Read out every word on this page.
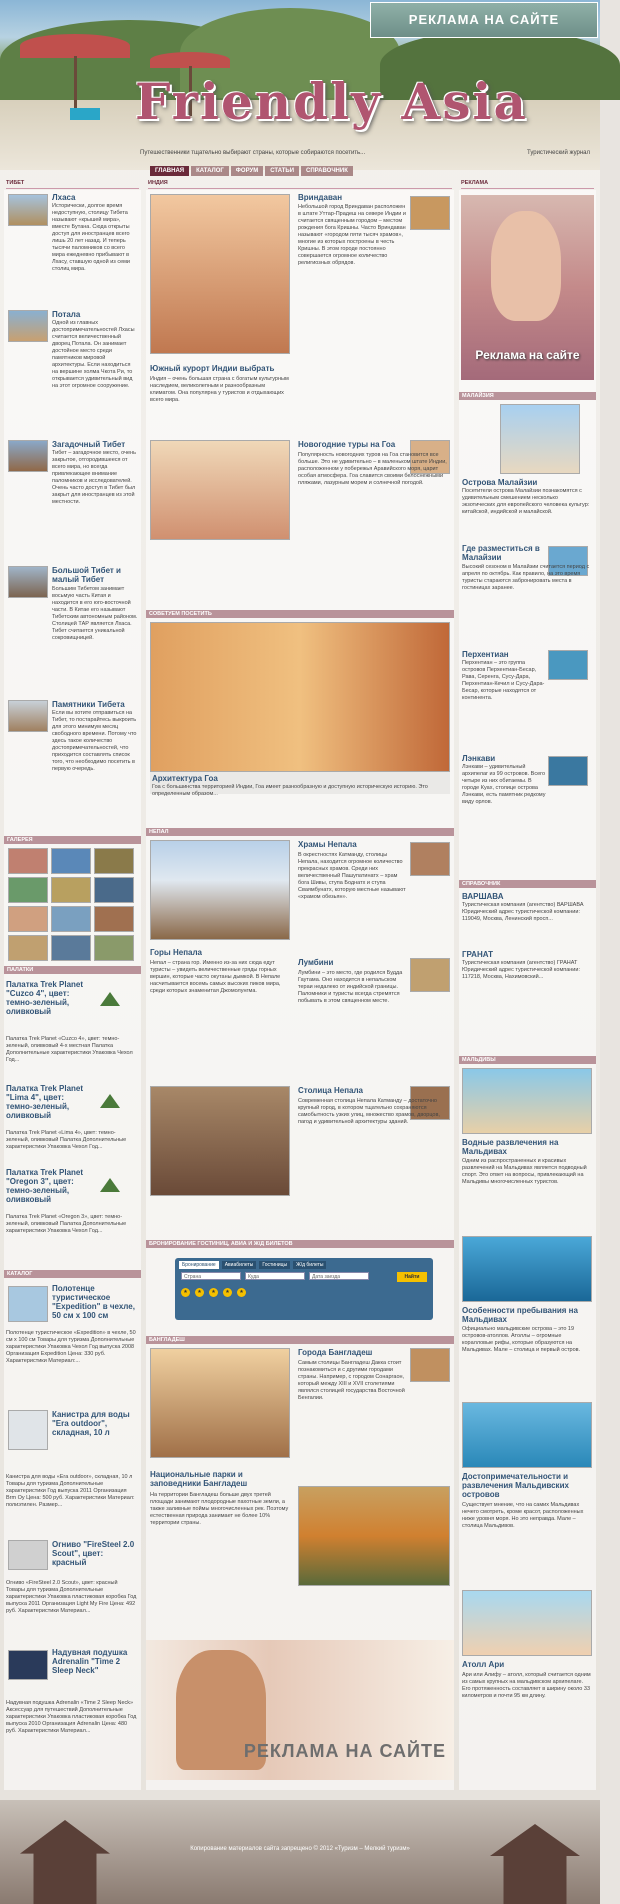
РЕКЛАМА НА САЙТЕ
Friendly Asia
Путешественники тщательно выбирают страны, которые собираются посетить...	Туристический журнал
ГЛАВНАЯ	КАТАЛОГ	ФОРУМ	СТАТЬИ	СПРАВОЧНИК
ТИБЕТ	ИНДИЯ	РЕКЛАМА
Лхаса
Исторически, долгое время недоступную, столицу Тибета называют «крышей мира», вместе Бутана. Сюда открыты доступ для иностранцев всего лишь 20 лет назад. И теперь тысячи паломников со всего мира ежедневно прибывают в Лхасу, ставшую одной из семи столиц мира.
Потала
Одной из главных достопримечательностей Лхасы считается величественный дворец Потала. Он занимает достойное место среди памятников мировой архитектуры. Если находиться на вершине холма Чкота Ри, то открывается удивительный вид на этот огромное сооружение.
Загадочный Тибет
Тибет – загадочное место, очень закрытое, отгородившееся от всего мира, но всегда привлекающее внимание паломников и исследователей. Очень часто доступ в Тибет был закрыт для иностранцев из этой местности.
Большой Тибет и малый Тибет
Большим Тибетом занимает восьмую часть Китая и находится в его юго-восточной части. В Китае его называют Тибетским автономным районом. Столицей ТАР является Лхаса. Тибет считается уникальной сокровищницей.
Памятники Тибета
Если вы хотите отправиться на Тибет, то постарайтесь выкроить для этого минимум месяц свободного времени. Потому что здесь такое количество достопримечательностей, что приходится составлять список того, что необходимо посетить в первую очередь.
ГАЛЕРЕЯ
ПАЛАТКИ
Палатка Trek Planet "Cuzco 4", цвет: темно-зеленый, оливковый
Палатка Trek Planet «Cuzco 4», цвет: темно-зеленый, оливковый 4-х местная Палатка Дополнительные характеристики Упаковка Чехол Год...
Палатка Trek Planet "Lima 4", цвет: темно-зеленый, оливковый
Палатка Trek Planet «Lima 4», цвет: темно-зеленый, оливковый Палатка Дополнительные характеристики Упаковка Чехол Год...
Палатка Trek Planet "Oregon 3", цвет: темно-зеленый, оливковый
Палатка Trek Planet «Oregon 3», цвет: темно-зеленый, оливковый Палатка Дополнительные характеристики Упаковка Чехол Год...
КАТАЛОГ
Полотенце туристическое "Expedition" в чехле, 50 см x 100 см
Полотенце туристическое «Expedition» в чехле, 50 см x 100 см Товары для туризма Дополнительные характеристики Упаковка Чехол Год выпуска 2008 Организация Expedition Цена: 330 руб. Характеристики Материал:...
Канистра для воды "Era outdoor", складная, 10 л
Канистра для воды «Era outdoor», складная, 10 л Товары для туризма Дополнительные характеристики Год выпуска 2011 Организация Brm Oy Цена: 500 руб. Характеристики Материал: полиэтилен. Размер...
Огниво "FireSteel 2.0 Scout", цвет: красный
Огниво «FireSteel 2.0 Scout», цвет: красный Товары для туризма Дополнительные характеристики Упаковка пластиковая коробка Год выпуска 2011 Организация Light My Fire Цена: 492 руб. Характеристики Материал...
Надувная подушка Adrenalin "Time 2 Sleep Neck"
Надувная подушка Adrenalin «Time 2 Sleep Neck» Аксессуар для путешествий Дополнительные характеристики Упаковка пластиковая коробка Год выпуска 2010 Организация Adrenalin Цена: 480 руб. Характеристики Материал...
Южный курорт Индии выбрать
Индия – очень большая страна с богатым культурным наследием, великолепным и разнообразным климатом. Она популярна у туристов и отдыхающих всего мира.
Вриндаван
Небольшой город Вриндаван расположен в штате Уттар-Прадеш на севере Индии и считается священным городом – местом рождения бога Кришны. Часто Вриндаван называют «городом пяти тысяч храмов», многие из которых построены в честь Кришны. В этом городе постоянно совершается огромное количество религиозных обрядов.
Новогодние туры на Гоа
Популярность новогодних туров на Гоа становится все больше. Это не удивительно – в маленьком штате Индии, расположенном у побережья Аравийского моря, царит особая атмосфера. Гоа славится своими белоснежными пляжами, лазурным морем и солнечной погодой.
СОВЕТУЕМ ПОСЕТИТЬ
Архитектура Гоа
Гоа с большинства территорией Индии, Гоа имеет разнообразную и доступную историческую историю. Это определенным образом...
НЕПАЛ
Горы Непала
Непал – страна гор. Именно из-за них сюда едут туристы – увидеть величественные гряды горных вершин, которые часто окутаны дымкой. В Непале насчитывается восемь самых высоких пиков мира, среди которых знаменитая Джомолунгма.
Храмы Непала
В окрестностях Катманду, столицы Непала, находится огромное количество прекрасных храмов. Среди них величественный Пашупатинатх – храм бога Шивы, ступа Боднатх и ступа Сваямбунатх, которую местные называют «храмом обезьян».
Лумбини
Лумбини – это место, где родился Будда Гаутама. Оно находится в непальском тераи недалеко от индийской границы. Паломники и туристы всегда стремятся побывать в этом священном месте.
Столица Непала
Современная столица Непала Катманду – достаточно крупный город, в котором тщательно сохраняются самобытность узких улиц, множество храмов, дворцов, пагод и удивительной архитектуры зданий.
БРОНИРОВАНИЕ ГОСТИНИЦ, АВИА И Ж/Д БИЛЕТОВ
Бронирование	Авиабилеты	Гостиницы	Ж/д билеты
Страна	Куда	Дата заезда	Найти
★	★	★	★	★
БАНГЛАДЕШ
Города Бангладеш
Самым столицы Бангладеш Дакка стоит познакомиться и с другими городами страны. Например, с городом Сонаргаон, который между XIII и XVII столетиями являлся столицей государства Восточной Бенгалии.
Национальные парки и заповедники Бангладеш
На территории Бангладеш больше двух третей площади занимают плодородные пахотные земли, а также заливные поймы многочисленных рек. Поэтому естественная природа занимает не более 10% территории страны.
РЕКЛАМА НА САЙТЕ
Реклама на сайте
МАЛАЙЗИЯ
Острова Малайзии
Посетители острова Малайзии познакомятся с удивительным смешением несколько экзотических для европейского человека культур: китайской, индийской и малайской.
Где разместиться в Малайзии
Высокий сезоном в Малайзии считается период с апреля по октябрь. Как правило, на это время туристы стараются забронировать места в гостиницах заранее.
Перхентиан
Перхентиан – это группа островов Перхентиан-Бесар, Рава, Серенга, Сусу-Дара, Перхентиан-Кечил и Сусу-Дара-Бесар, которые находятся от континента.
Лэнкави
Лэнкави – удивительный архипелаг из 99 островов. Всего четыре из них обитаемы. В городе Куах, столице острова Лэнкави, есть памятник редкому виду орлов.
СПРАВОЧНИК
ВАРШАВА
Туристическая компания (агентство) ВАРШАВА Юридический адрес туристической компании: 119049, Москва, Ленинский просп...
ГРАНАТ
Туристическая компания (агентство) ГРАНАТ Юридический адрес туристической компании: 117218, Москва, Нахимовский...
МАЛЬДИВЫ
Водные развлечения на Мальдивах
Одним из распространенных и красивых развлечений на Мальдивах является подводный спорт. Это ответ на вопросы, привлекающий на Мальдивы многочисленных туристов.
Особенности пребывания на Мальдивах
Официально мальдивские острова – это 19 островов-атоллов. Атоллы – огромные коралловые рифы, которые образуются на Мальдивах. Мале – столица и первый остров.
Достопримечательности и развлечения Мальдивских островов
Существует мнение, что на самих Мальдивах нечего смотреть, кроме красот, расположенных ниже уровня моря. Но это неправда. Мале – столица Мальдивов.
Атолл Ари
Ари или Алифу – атолл, который считается одним из самых крупных на мальдивском архипелаге. Его протяженность составляет в ширину около 33 километров и почти 95 км длину.
Копирование материалов сайта запрещено © 2012 «Туризм – Мелкий туризм»
